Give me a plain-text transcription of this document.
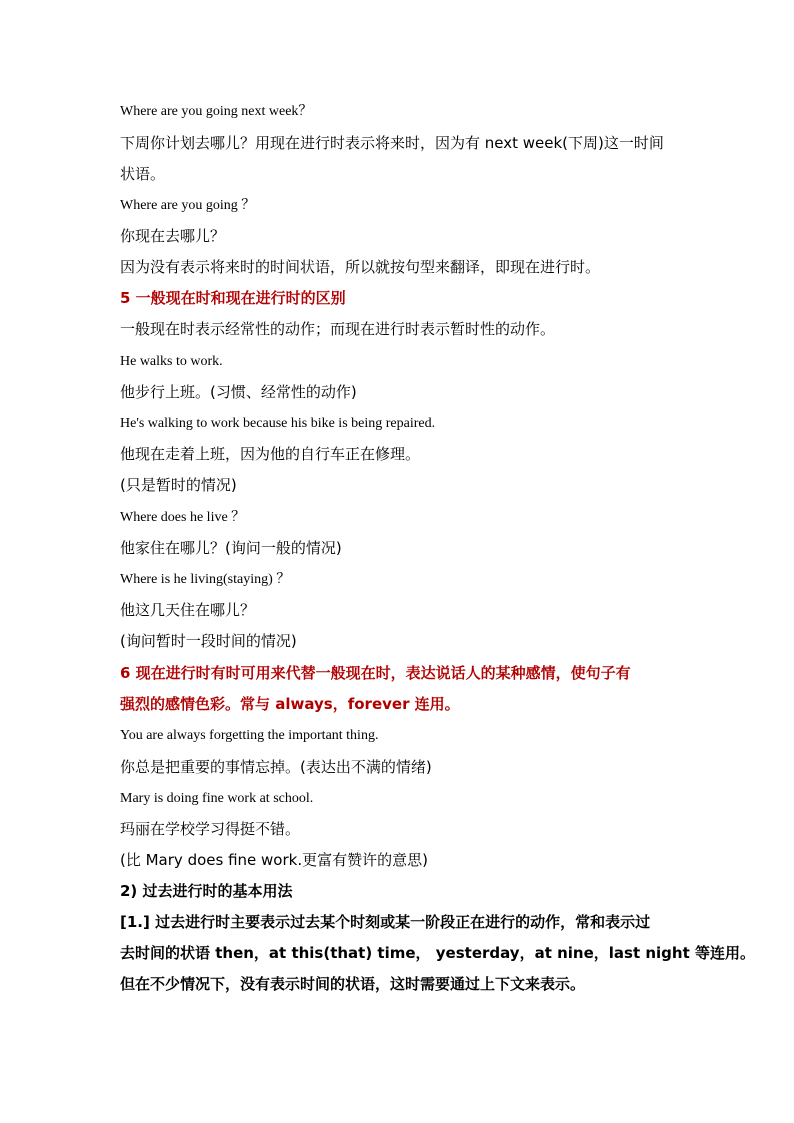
Where are you going next week？
下周你计划去哪儿？用现在进行时表示将来时，因为有 next week(下周)这一时间
状语。
Where are you going ？
你现在去哪儿？
因为没有表示将来时的时间状语，所以就按句型来翻译，即现在进行时。
5 一般现在时和现在进行时的区别
一般现在时表示经常性的动作；而现在进行时表示暂时性的动作。
He walks to work.
他步行上班。(习惯、经常性的动作)
He's walking to work because his bike is being repaired.
他现在走着上班，因为他的自行车正在修理。
(只是暂时的情况)
Where does he live ？
他家住在哪儿？(询问一般的情况)
Where is he living(staying) ？
他这几天住在哪儿？
(询问暂时一段时间的情况)
6 现在进行时有时可用来代替一般现在时，表达说话人的某种感情，使句子有
强烈的感情色彩。常与 always，forever 连用。
You are always forgetting the important thing.
你总是把重要的事情忘掉。(表达出不满的情绪)
Mary is doing fine work at school.
玛丽在学校学习得挺不错。
(比 Mary does fine work.更富有赞许的意思)
2) 过去进行时的基本用法
[1.] 过去进行时主要表示过去某个时刻或某一阶段正在进行的动作，常和表示过
去时间的状语 then，at this(that) time， yesterday，at nine，last night 等连用。
但在不少情况下，没有表示时间的状语，这时需要通过上下文来表示。
